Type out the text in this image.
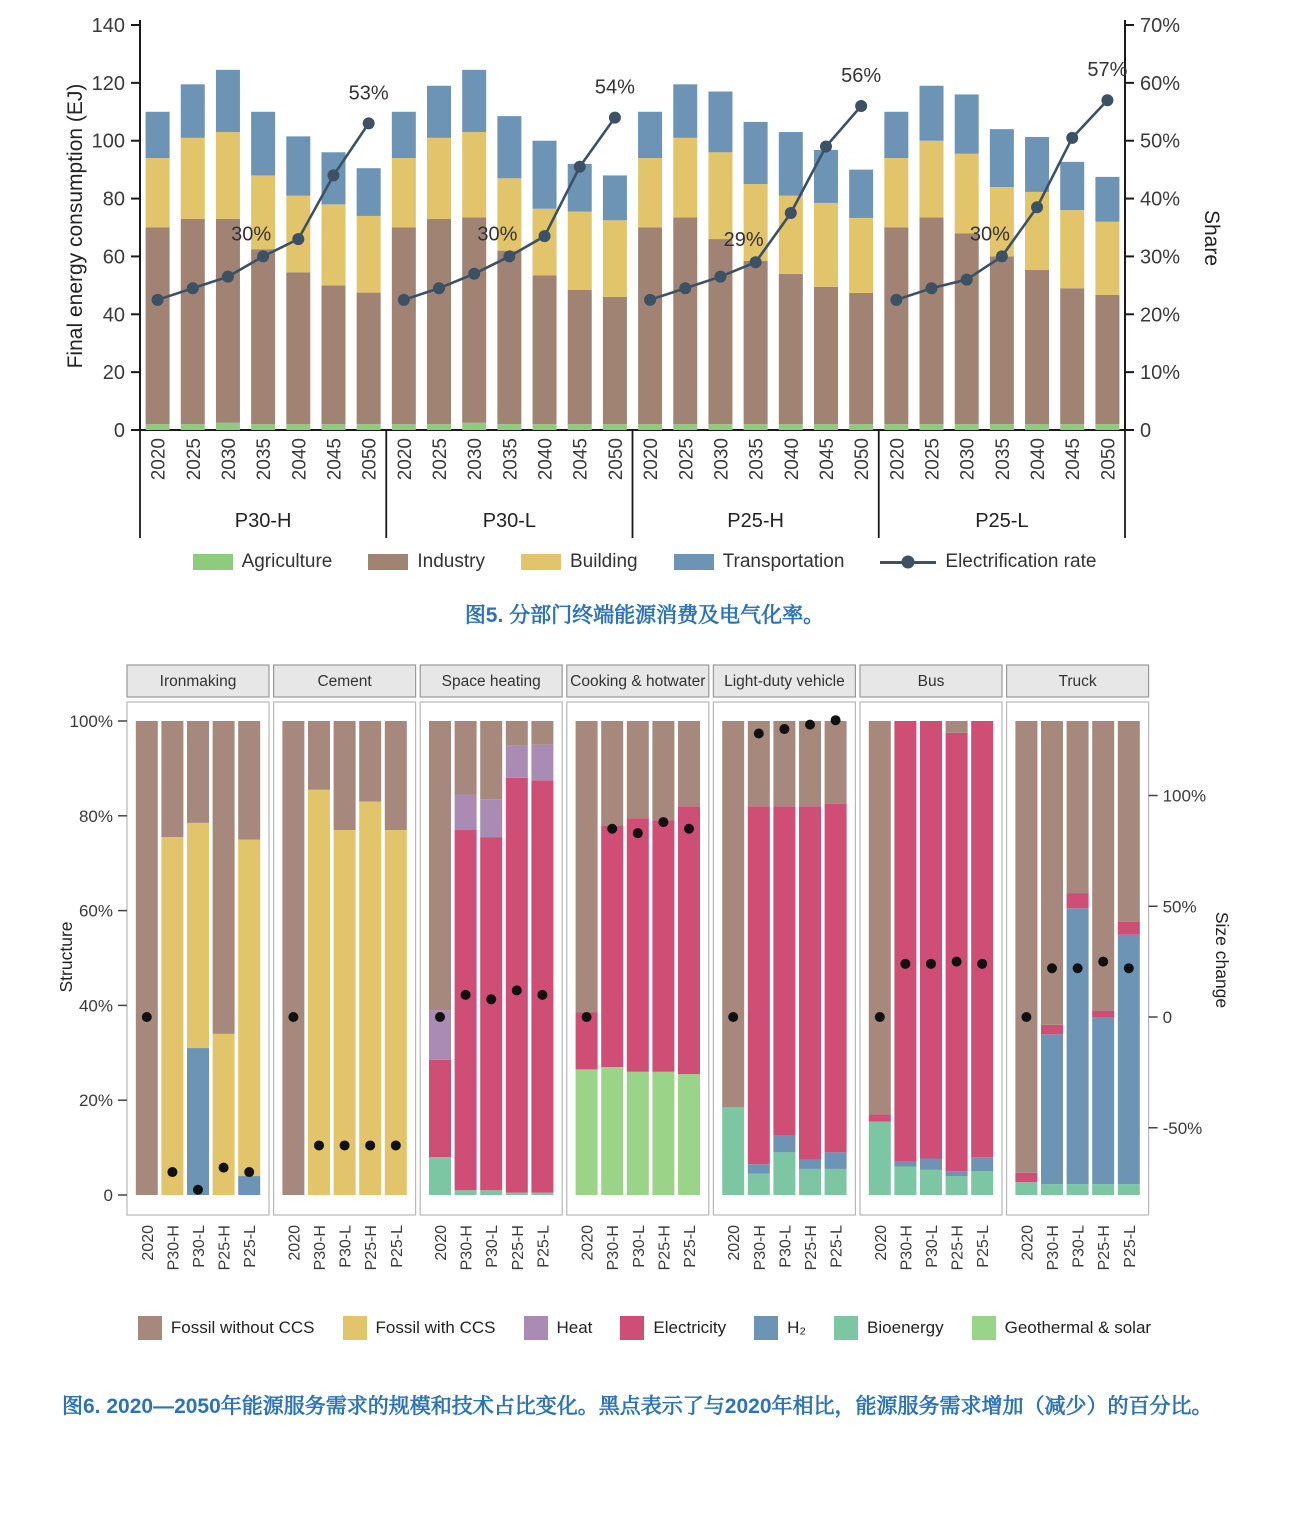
0
20
40
60
80
100
120
140
0
10%
20%
30%
40%
50%
60%
70%
Final energy consumption (EJ)	Share
2020 2025 2030 2035 2040 2045 2050
30%
53%
P30-H
2020 2025 2030 2035 2040 2045 2050
30%
54%
P30-L
2020 2025 2030 2035 2040 2045 2050
29%
56%
P25-H
2020 2025 2030 2035 2040 2045 2050
30%
57%
P25-L
Agriculture	Industry	Building	Transportation	Electrification rate

图5. 分部门终端能源消费及电气化率。

Ironmaking
2020 P30-H P30-L P25-H P25-L
Cement
2020 P30-H P30-L P25-H P25-L
Space heating
2020 P30-H P30-L P25-H P25-L
Cooking & hotwater
2020 P30-H P30-L P25-H P25-L
Light-duty vehicle
2020 P30-H P30-L P25-H P25-L
Bus
2020 P30-H P30-L P25-H P25-L
Truck
2020 P30-H P30-L P25-H P25-L
0
20%
40%
60%
80%
100%
-50%
0
50%
100%
Structure	Size change
Fossil without CCS	Fossil with CCS	Heat	Electricity	H₂	Bioenergy	Geothermal & solar

图6. 2020—2050年能源服务需求的规模和技术占比变化。黑点表示了与2020年相比，能源服务需求增加（减少）的百分比。
